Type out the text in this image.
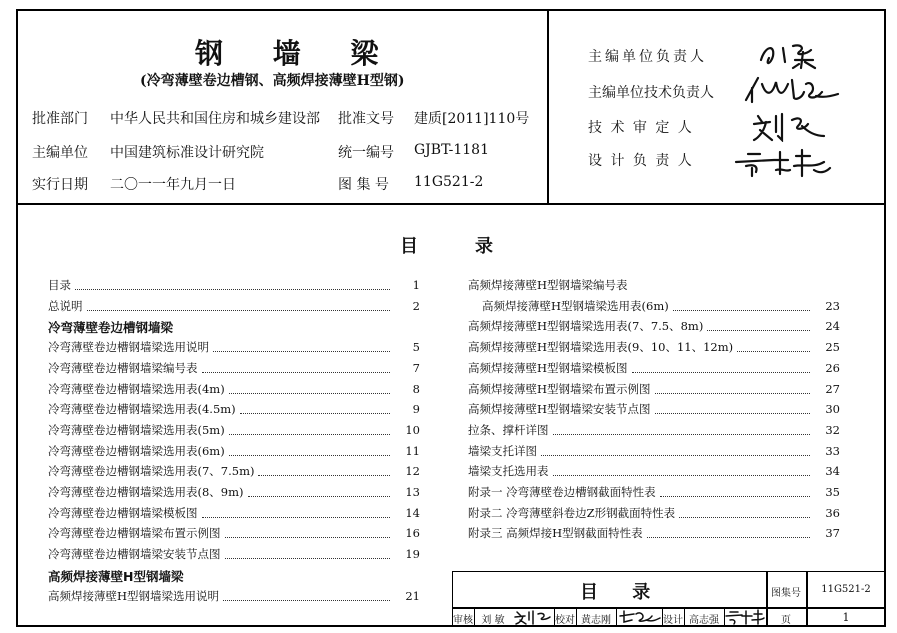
钢 墙 梁
(冷弯薄壁卷边槽钢、高频焊接薄壁H型钢)
批准部门 中华人民共和国住房和城乡建设部 批准文号 建质[2011]110号
主编单位 中国建筑标准设计研究院	统一编号 GJBT-1181
实行日期 二〇一一年九月一日	图 集 号 11G521-2
主编单位负责人
主编单位技术负责人
技 术 审 定 人
设 计 负 责 人
目	录
目录	1
总说明	2
冷弯薄壁卷边槽钢墙梁
冷弯薄壁卷边槽钢墙梁选用说明	5
冷弯薄壁卷边槽钢墙梁编号表	7
冷弯薄壁卷边槽钢墙梁选用表(4m)	8
冷弯薄壁卷边槽钢墙梁选用表(4.5m)	9
冷弯薄壁卷边槽钢墙梁选用表(5m)	10
冷弯薄壁卷边槽钢墙梁选用表(6m)	11
冷弯薄壁卷边槽钢墙梁选用表(7、7.5m)	12
冷弯薄壁卷边槽钢墙梁选用表(8、9m)	13
冷弯薄壁卷边槽钢墙梁模板图	14
冷弯薄壁卷边槽钢墙梁布置示例图	16
冷弯薄壁卷边槽钢墙梁安装节点图	19
高频焊接薄壁H型钢墙梁
高频焊接薄壁H型钢墙梁选用说明	21
高频焊接薄壁H型钢墙梁编号表
高频焊接薄壁H型钢墙梁选用表(6m)	23
高频焊接薄壁H型钢墙梁选用表(7、7.5、8m)	24
高频焊接薄壁H型钢墙梁选用表(9、10、11、12m)	25
高频焊接薄壁H型钢墙梁模板图	26
高频焊接薄壁H型钢墙梁布置示例图	27
高频焊接薄壁H型钢墙梁安装节点图	30
拉条、撑杆详图	32
墙梁支托详图	33
墙梁支托选用表	34
附录一 冷弯薄壁卷边槽钢截面特性表	35
附录二 冷弯薄壁斜卷边Z形钢截面特性表	36
附录三 高频焊接H型钢截面特性表	37
目 录	图集号	11G521-2
页	1
审核 刘 敏	校对 黄志刚	设计 高志强
